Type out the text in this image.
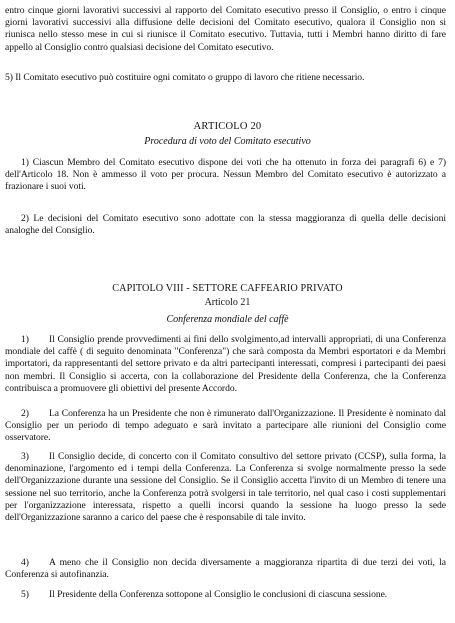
entro cinque giorni lavorativi successivi al rapporto del Comitato esecutivo presso il Consiglio, o entro i cinque giorni lavorativi successivi alla diffusione delle decisioni del Comitato esecutivo, qualora il Consiglio non si riunisca nello stesso mese in cui si riunisce il Comitato esecutivo. Tuttavia, tutti i Membri hanno diritto di fare appello al Consiglio contro qualsiasi decisione del Comitato esecutivo.
5) Il Comitato esecutivo può costituire ogni comitato o gruppo di lavoro che ritiene necessario.
ARTICOLO 20
Procedura di voto del Comitato esecutivo
1) Ciascun Membro del Comitato esecutivo dispone dei voti che ha ottenuto in forza dei paragrafi 6) e 7) dell'Articolo 18. Non è ammesso il voto per procura. Nessun Membro del Comitato esecutivo è autorizzato a frazionare i suoi voti.
2) Le decisioni del Comitato esecutivo sono adottate con la stessa maggioranza di quella delle decisioni analoghe del Consiglio.
CAPITOLO VIII - SETTORE CAFFEARIO PRIVATO
Articolo 21
Conferenza mondiale del caffè
1) Il Consiglio prende provvedimenti ai fini dello svolgimento,ad intervalli appropriati, di una Conferenza mondiale del caffè ( di seguito denominata "Conferenza") che sarà composta da Membri esportatori e da Membri importatori, da rappresentanti del settore privato e da altri partecipanti interessati, compresi i partecipanti dei paesi non membri. Il Consiglio si accerta, con la collaborazione del Presidente della Conferenza, che la Conferenza contribuisca a promuovere gli obiettivi del presente Accordo.
2) La Conferenza ha un Presidente che non è rimunerato dall'Organizzazione. Il Presidente è nominato dal Consiglio per un periodo di tempo adeguato e sarà invitato a partecipare alle riunioni del Consiglio come osservatore.
3) Il Consiglio decide, di concerto con il Comitato consultivo del settore privato (CCSP), sulla forma, la denominazione, l'argomento ed i tempi della Conferenza. La Conferenza si svolge normalmente presso la sede dell'Organizzazione durante una sessione del Consiglio. Se il Consiglio accetta l'invito di un Membro di tenere una sessione nel suo territorio, anche la Conferenza potrà svolgersi in tale territorio, nel qual caso i costi supplementari per l'organizzazione interessata, rispetto a quelli incorsi quando la sessione ha luogo presso la sede dell'Organizzazione saranno a carico del paese che è responsabile di tale invito.
4) A meno che il Consiglio non decida diversamente a maggioranza ripartita di due terzi dei voti, la Conferenza si autofinanzia.
5) Il Presidente della Conferenza sottopone al Consiglio le conclusioni di ciascuna sessione.
